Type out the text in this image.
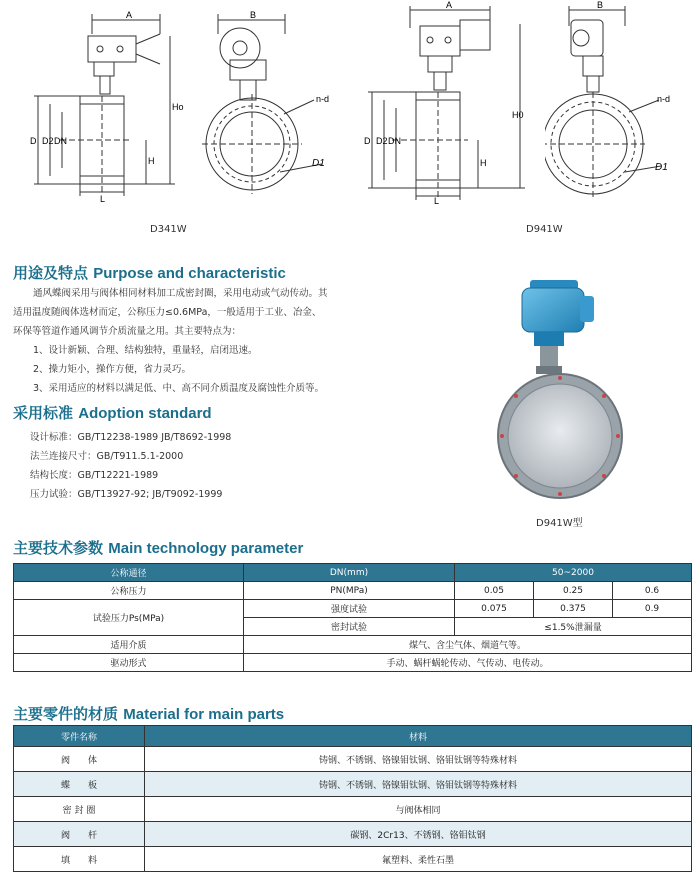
A
D D2 DN
L
Ho
H
B
n-d
D1
A
D D2 DN
L
H0
H
B
n-d
D1
D341W	D941W
用途及特点 Purpose and characteristic
通风蝶阀采用与阀体相同材料加工成密封圈，采用电动或气动传动。其
适用温度随阀体选材而定，公称压力≤0.6MPa，一般适用于工业、冶金、
环保等管道作通风调节介质流量之用。其主要特点为：
1、设计新颖、合理、结构独特，重量轻，启闭迅速。
2、操力矩小，操作方便，省力灵巧。
3、采用适应的材料以满足低、中、高不同介质温度及腐蚀性介质等。
采用标准 Adoption standard
设计标准：GB/T12238-1989 JB/T8692-1998
法兰连接尺寸：GB/T911.5.1-2000
结构长度：GB/T12221-1989
压力试验：GB/T13927-92; JB/T9092-1999
D941W型
主要技术参数 Main technology parameter
公称通径	DN(mm)	50~2000		
公称压力	PN(MPa)	0.05	0.25	0.6
试验压力Ps(MPa)	强度试验	0.075	0.375	0.9
	密封试验	≤1.5%泄漏量		
适用介质	煤气、含尘气体、烟道气等。			
驱动形式	手动、蜗杆蜗轮传动、气传动、电传动。			
主要零件的材质 Material for main parts
零件名称	材料
阀　　体	铸钢、不锈钢、铬镍钼钛钢、铬钼钛钢等特殊材料
蝶　　板	铸钢、不锈钢、铬镍钼钛钢、铬钼钛钢等特殊材料
密 封 圈	与阀体相同
阀　　杆	碳钢、2Cr13、不锈钢、铬钼钛钢
填　　料	氟塑料、柔性石墨
